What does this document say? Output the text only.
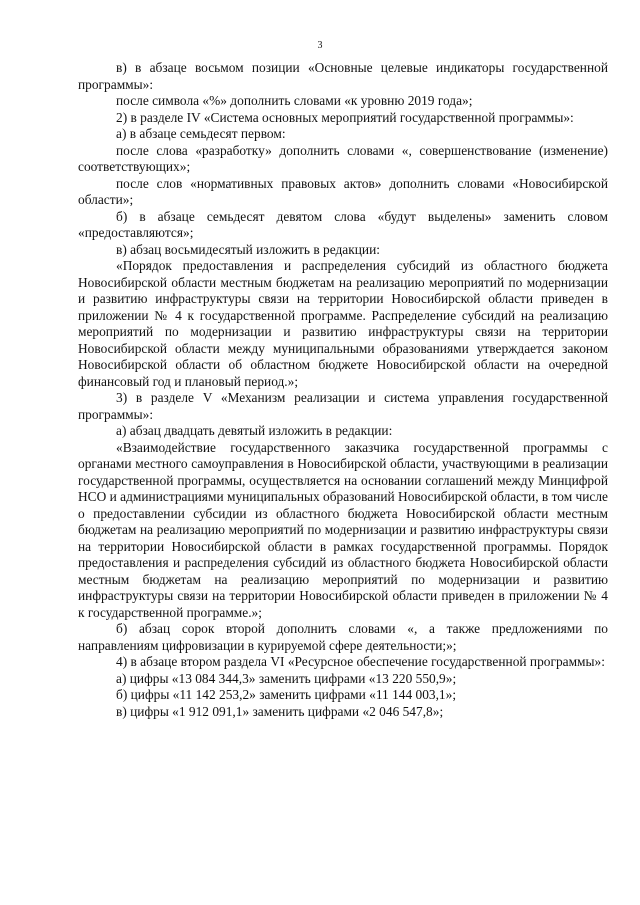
3

в) в абзаце восьмом позиции «Основные целевые индикаторы государственной программы»:

после символа «%» дополнить словами «к уровню 2019 года»;

2) в разделе IV «Система основных мероприятий государственной программы»:

а) в абзаце семьдесят первом:

после слова «разработку» дополнить словами «, совершенствование (изменение) соответствующих»;

после слов «нормативных правовых актов» дополнить словами «Новосибирской области»;

б) в абзаце семьдесят девятом слова «будут выделены» заменить словом «предоставляются»;

в) абзац восьмидесятый изложить в редакции:

«Порядок предоставления и распределения субсидий из областного бюджета Новосибирской области местным бюджетам на реализацию мероприятий по модернизации и развитию инфраструктуры связи на территории Новосибирской области приведен в приложении № 4 к государственной программе. Распределение субсидий на реализацию мероприятий по модернизации и развитию инфраструктуры связи на территории Новосибирской области между муниципальными образованиями утверждается законом Новосибирской области об областном бюджете Новосибирской области на очередной финансовый год и плановый период.»;

3) в разделе V «Механизм реализации и система управления государственной программы»:

а) абзац двадцать девятый изложить в редакции:

«Взаимодействие государственного заказчика государственной программы с органами местного самоуправления в Новосибирской области, участвующими в реализации государственной программы, осуществляется на основании соглашений между Минцифрой НСО и администрациями муниципальных образований Новосибирской области, в том числе о предоставлении субсидии из областного бюджета Новосибирской области местным бюджетам на реализацию мероприятий по модернизации и развитию инфраструктуры связи на территории Новосибирской области в рамках государственной программы. Порядок предоставления и распределения субсидий из областного бюджета Новосибирской области местным бюджетам на реализацию мероприятий по модернизации и развитию инфраструктуры связи на территории Новосибирской области приведен в приложении № 4 к государственной программе.»;

б) абзац сорок второй дополнить словами «, а также предложениями по направлениям цифровизации в курируемой сфере деятельности;»;

4) в абзаце втором раздела VI «Ресурсное обеспечение государственной программы»:

а) цифры «13 084 344,3» заменить цифрами «13 220 550,9»;

б) цифры «11 142 253,2» заменить цифрами «11 144 003,1»;

в) цифры «1 912 091,1» заменить цифрами «2 046 547,8»;
